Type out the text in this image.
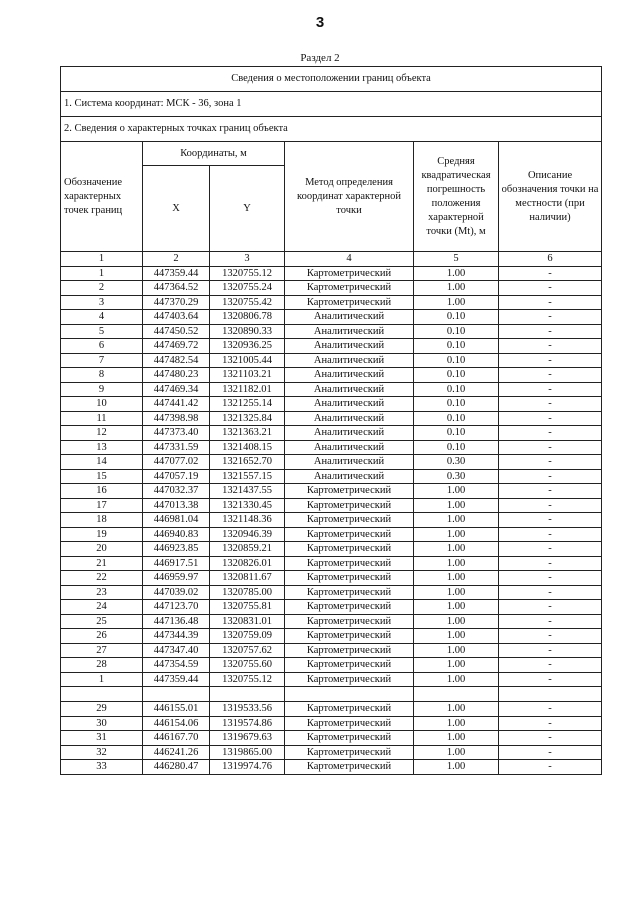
3
Раздел 2
Сведения о местоположении границ объекта					
1. Система координат: МСК - 36, зона 1					
2. Сведения о характерных точках границ объекта					
Обозначение характерных точек границ	Координаты, м		Метод определения координат характерной точки	Средняя квадратическая погрешность положения характерной точки (Mt), м	Описание обозначения точки на местности (при наличии)
	X	Y			
1	2	3	4	5	6
1	447359.44	1320755.12	Картометрический	1.00	-
2	447364.52	1320755.24	Картометрический	1.00	-
3	447370.29	1320755.42	Картометрический	1.00	-
4	447403.64	1320806.78	Аналитический	0.10	-
5	447450.52	1320890.33	Аналитический	0.10	-
6	447469.72	1320936.25	Аналитический	0.10	-
7	447482.54	1321005.44	Аналитический	0.10	-
8	447480.23	1321103.21	Аналитический	0.10	-
9	447469.34	1321182.01	Аналитический	0.10	-
10	447441.42	1321255.14	Аналитический	0.10	-
11	447398.98	1321325.84	Аналитический	0.10	-
12	447373.40	1321363.21	Аналитический	0.10	-
13	447331.59	1321408.15	Аналитический	0.10	-
14	447077.02	1321652.70	Аналитический	0.30	-
15	447057.19	1321557.15	Аналитический	0.30	-
16	447032.37	1321437.55	Картометрический	1.00	-
17	447013.38	1321330.45	Картометрический	1.00	-
18	446981.04	1321148.36	Картометрический	1.00	-
19	446940.83	1320946.39	Картометрический	1.00	-
20	446923.85	1320859.21	Картометрический	1.00	-
21	446917.51	1320826.01	Картометрический	1.00	-
22	446959.97	1320811.67	Картометрический	1.00	-
23	447039.02	1320785.00	Картометрический	1.00	-
24	447123.70	1320755.81	Картометрический	1.00	-
25	447136.48	1320831.01	Картометрический	1.00	-
26	447344.39	1320759.09	Картометрический	1.00	-
27	447347.40	1320757.62	Картометрический	1.00	-
28	447354.59	1320755.60	Картометрический	1.00	-
1	447359.44	1320755.12	Картометрический	1.00	-

29	446155.01	1319533.56	Картометрический	1.00	-
30	446154.06	1319574.86	Картометрический	1.00	-
31	446167.70	1319679.63	Картометрический	1.00	-
32	446241.26	1319865.00	Картометрический	1.00	-
33	446280.47	1319974.76	Картометрический	1.00	-
